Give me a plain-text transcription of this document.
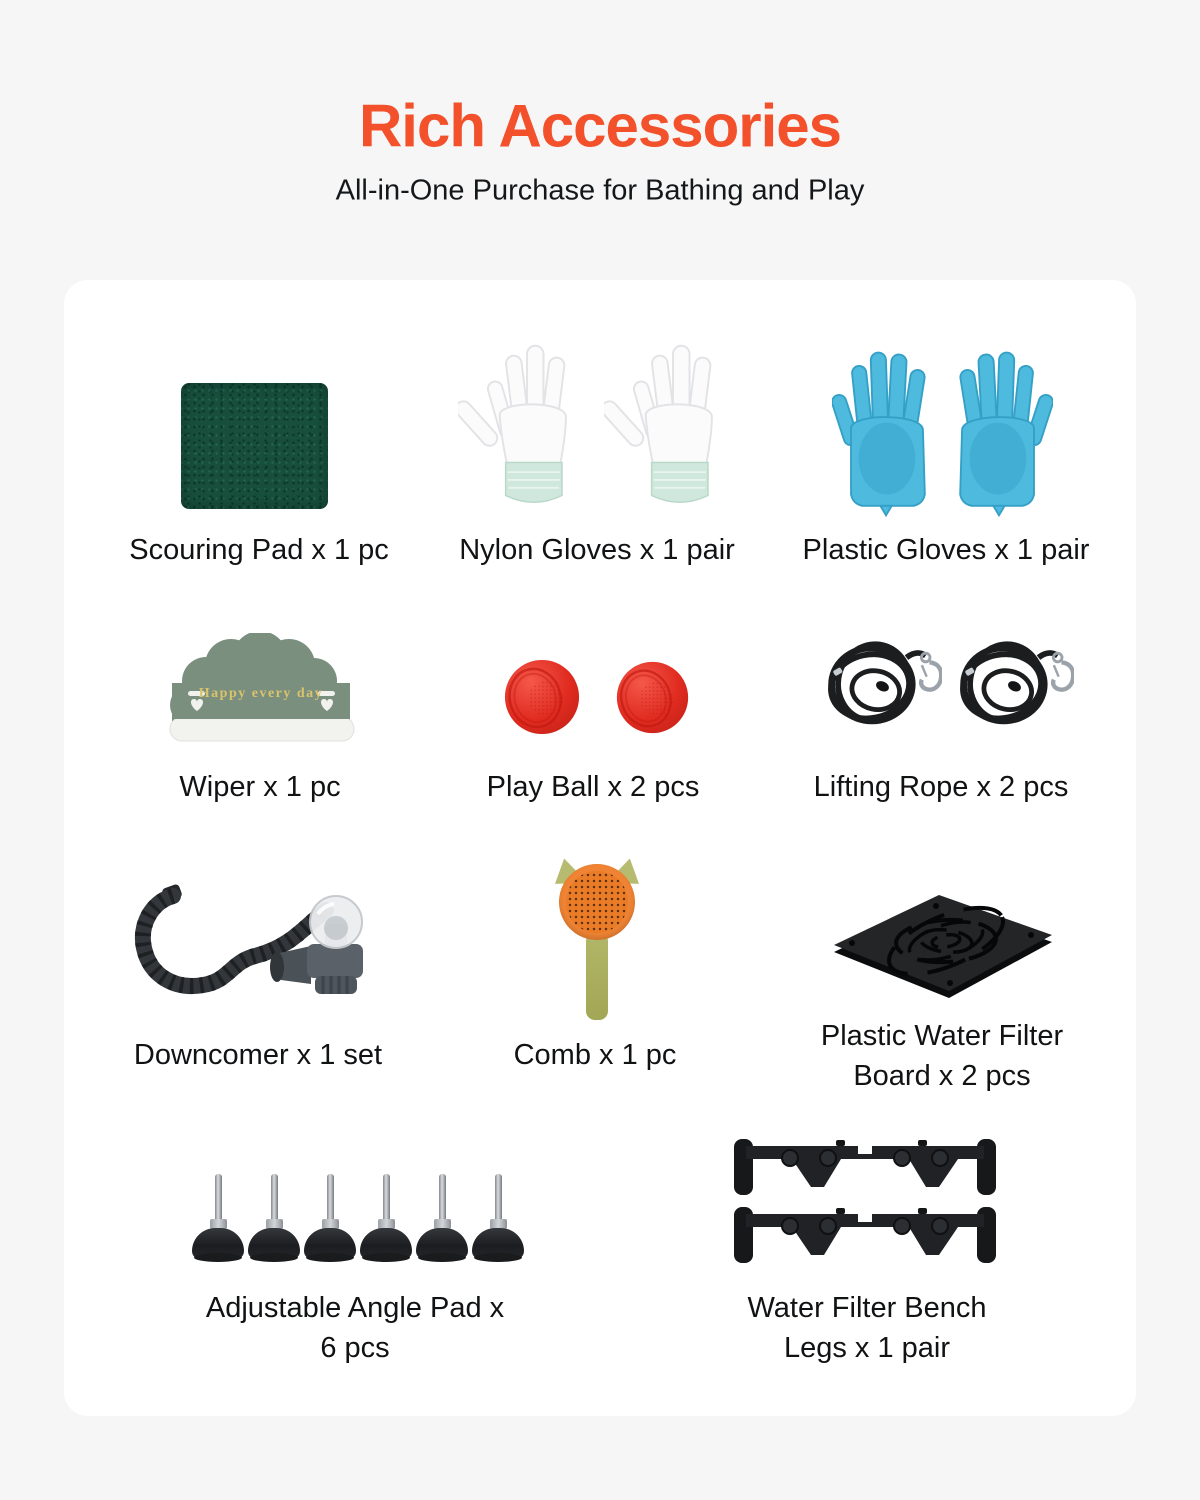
Rich Accessories
All-in-One Purchase for Bathing and Play
Scouring Pad x 1 pc Nylon Gloves x 1 pair Plastic Gloves x 1 pair
Happy every day
Wiper x 1 pc	Play Ball x 2 pcs	Lifting Rope x 2 pcs
Downcomer x 1 set	Comb x 1 pc
Plastic Water Filter Board x 2 pcs
Adjustable Angle Pad x 6 pcs
Water Filter Bench Legs x 1 pair
